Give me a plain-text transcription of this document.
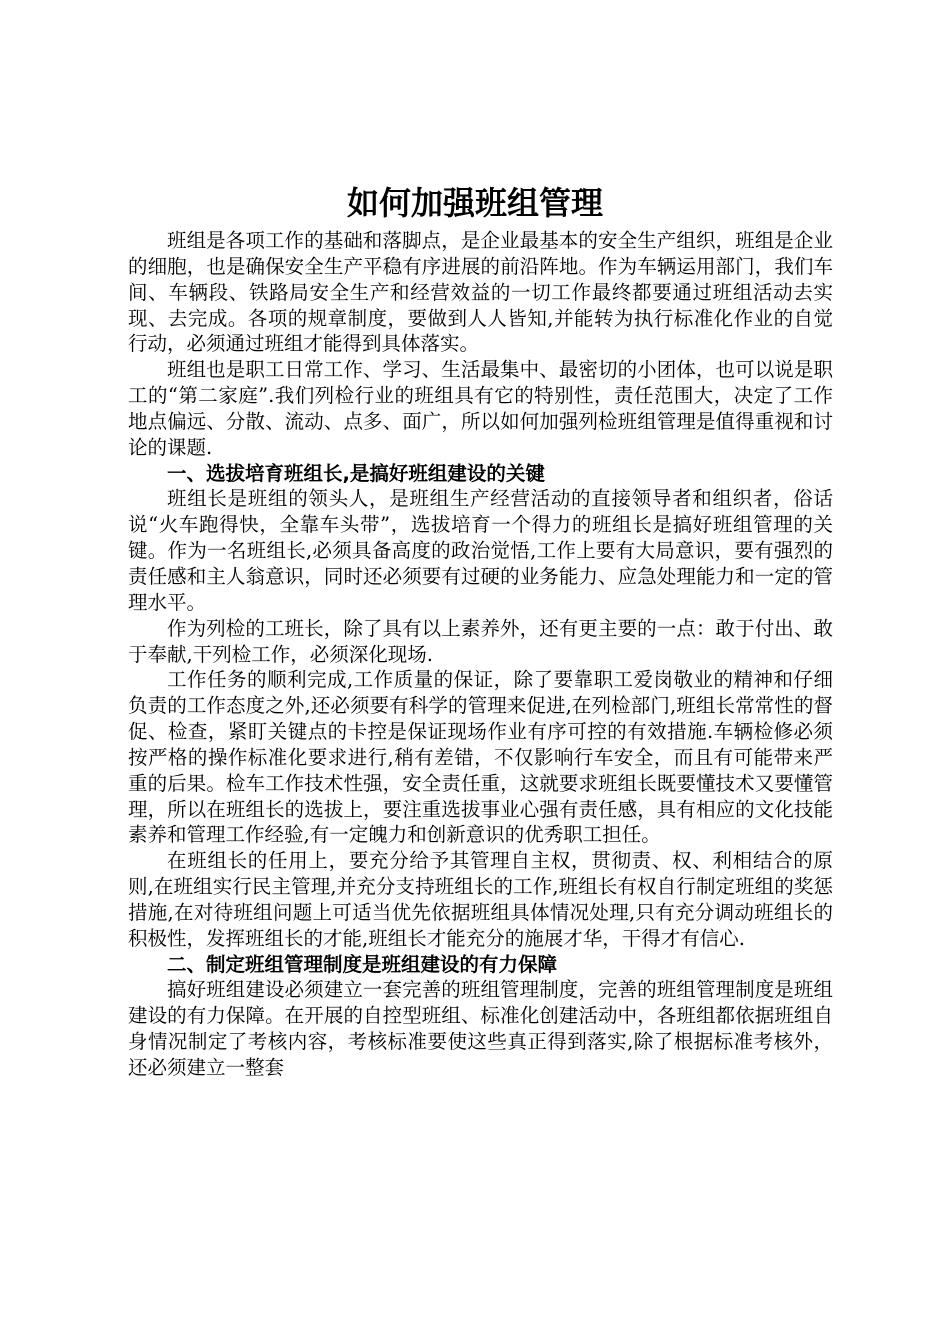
如何加强班组管理

班组是各项工作的基础和落脚点，是企业最基本的安全生产组织，班组是企业的细胞，也是确保安全生产平稳有序进展的前沿阵地。作为车辆运用部门，我们车间、车辆段、铁路局安全生产和经营效益的一切工作最终都要通过班组活动去实现、去完成。各项的规章制度，要做到人人皆知,并能转为执行标准化作业的自觉行动，必须通过班组才能得到具体落实。

班组也是职工日常工作、学习、生活最集中、最密切的小团体，也可以说是职工的“第二家庭”.我们列检行业的班组具有它的特别性，责任范围大，决定了工作地点偏远、分散、流动、点多、面广，所以如何加强列检班组管理是值得重视和讨论的课题.

一、选拔培育班组长,是搞好班组建设的关键

班组长是班组的领头人，是班组生产经营活动的直接领导者和组织者，俗话说“火车跑得快，全靠车头带”，选拔培育一个得力的班组长是搞好班组管理的关键。作为一名班组长,必须具备高度的政治觉悟,工作上要有大局意识，要有强烈的责任感和主人翁意识，同时还必须要有过硬的业务能力、应急处理能力和一定的管理水平。

作为列检的工班长，除了具有以上素养外，还有更主要的一点：敢于付出、敢于奉献,干列检工作，必须深化现场.

工作任务的顺利完成,工作质量的保证，除了要靠职工爱岗敬业的精神和仔细负责的工作态度之外,还必须要有科学的管理来促进,在列检部门,班组长常常性的督促、检查，紧盯关键点的卡控是保证现场作业有序可控的有效措施.车辆检修必须按严格的操作标准化要求进行,稍有差错，不仅影响行车安全，而且有可能带来严重的后果。检车工作技术性强，安全责任重，这就要求班组长既要懂技术又要懂管理，所以在班组长的选拔上，要注重选拔事业心强有责任感，具有相应的文化技能素养和管理工作经验,有一定魄力和创新意识的优秀职工担任。

在班组长的任用上，要充分给予其管理自主权，贯彻责、权、利相结合的原则,在班组实行民主管理,并充分支持班组长的工作,班组长有权自行制定班组的奖惩措施,在对待班组问题上可适当优先依据班组具体情况处理,只有充分调动班组长的积极性，发挥班组长的才能,班组长才能充分的施展才华，干得才有信心.

二、制定班组管理制度是班组建设的有力保障

搞好班组建设必须建立一套完善的班组管理制度，完善的班组管理制度是班组建设的有力保障。在开展的自控型班组、标准化创建活动中，各班组都依据班组自身情况制定了考核内容，考核标准要使这些真正得到落实,除了根据标准考核外，还必须建立一整套
